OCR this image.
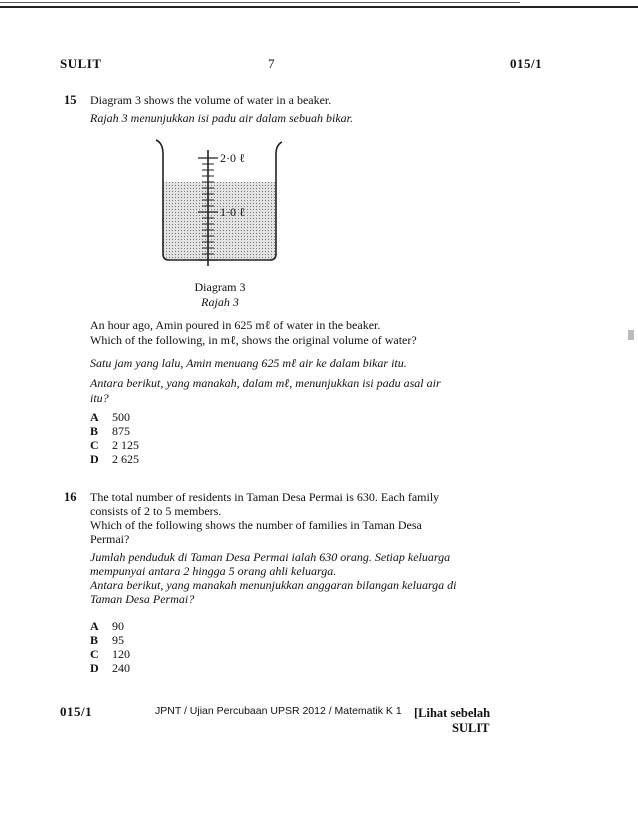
SULIT	7	015/1
15 Diagram 3 shows the volume of water in a beaker.
Rajah 3 menunjukkan isi padu air dalam sebuah bikar.
2·0 ℓ
1·0 ℓ
Diagram 3
Rajah 3
An hour ago, Amin poured in 625 mℓ of water in the beaker.
Which of the following, in mℓ, shows the original volume of water?
Satu jam yang lalu, Amin menuang 625 mℓ air ke dalam bikar itu.
Antara berikut, yang manakah, dalam mℓ, menunjukkan isi padu asal air
itu?
A	500
B	875
C	2 125
D	2 625
16 The total number of residents in Taman Desa Permai is 630. Each family
consists of 2 to 5 members.
Which of the following shows the number of families in Taman Desa
Permai?
Jumlah penduduk di Taman Desa Permai ialah 630 orang. Setiap keluarga
mempunyai antara 2 hingga 5 orang ahli keluarga.
Antara berikut, yang manakah menunjukkan anggaran bilangan keluarga di
Taman Desa Permai?
A	90
B	95
C	120
D	240
015/1	JPNT / Ujian Percubaan UPSR 2012 / Matematik K 1 [Lihat sebelah
SULIT
